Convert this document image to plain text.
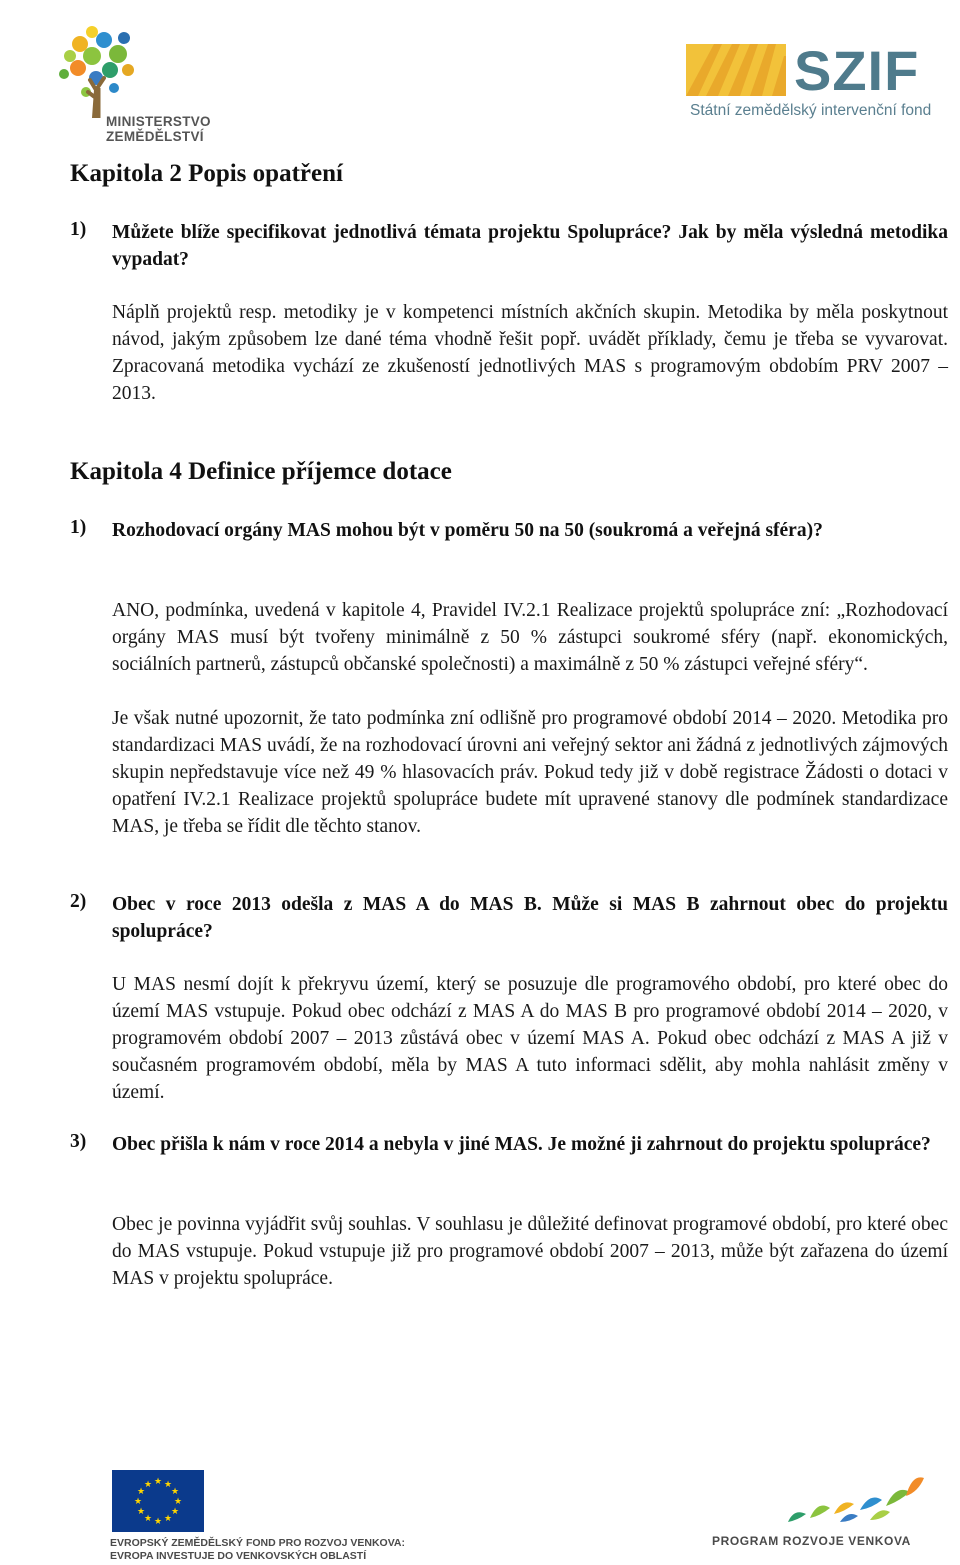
MINISTERSTVO ZEMĚDĚLSTVÍ
SZIF
Státní zemědělský intervenční fond
Kapitola 2 Popis opatření
1) Můžete blíže specifikovat jednotlivá témata projektu Spolupráce? Jak by měla výsledná metodika vypadat?

Náplň projektů resp. metodiky je v kompetenci místních akčních skupin. Metodika by měla poskytnout návod, jakým způsobem lze dané téma vhodně řešit popř. uvádět příklady, čemu je třeba se vyvarovat. Zpracovaná metodika vychází ze zkušeností jednotlivých MAS s programovým obdobím PRV 2007 – 2013.

Kapitola 4 Definice příjemce dotace
1) Rozhodovací orgány MAS mohou být v poměru 50 na 50 (soukromá a veřejná sféra)?

ANO, podmínka, uvedená v kapitole 4, Pravidel IV.2.1 Realizace projektů spolupráce zní: „Rozhodovací orgány MAS musí být tvořeny minimálně z 50 % zástupci soukromé sféry (např. ekonomických, sociálních partnerů, zástupců občanské společnosti) a maximálně z 50 % zástupci veřejné sféry“.

Je však nutné upozornit, že tato podmínka zní odlišně pro programové období 2014 – 2020. Metodika pro standardizaci MAS uvádí, že na rozhodovací úrovni ani veřejný sektor ani žádná z jednotlivých zájmových skupin nepředstavuje více než 49 % hlasovacích práv. Pokud tedy již v době registrace Žádosti o dotaci v opatření IV.2.1 Realizace projektů spolupráce budete mít upravené stanovy dle podmínek standardizace MAS, je třeba se řídit dle těchto stanov.

2) Obec v roce 2013 odešla z MAS A do MAS B. Může si MAS B zahrnout obec do projektu spolupráce?

U MAS nesmí dojít k překryvu území, který se posuzuje dle programového období, pro které obec do území MAS vstupuje. Pokud obec odchází z MAS A do MAS B pro programové období 2014 – 2020, v programovém období 2007 – 2013 zůstává obec v území MAS A. Pokud obec odchází z MAS A již v současném programovém období, měla by MAS A tuto informaci sdělit, aby mohla nahlásit změny v území.

3) Obec přišla k nám v roce 2014 a nebyla v jiné MAS. Je možné ji zahrnout do projektu spolupráce?

Obec je povinna vyjádřit svůj souhlas. V souhlasu je důležité definovat programové období, pro které obec do MAS vstupuje. Pokud vstupuje již pro programové období 2007 – 2013, může být zařazena do území MAS v projektu spolupráce.

★ ★
★
★
★
★
★
★
★
★
★
★
EVROPSKÝ ZEMĚDĚLSKÝ FOND PRO ROZVOJ VENKOVA:
EVROPA INVESTUJE DO VENKOVSKÝCH OBLASTÍ
PROGRAM ROZVOJE VENKOVA
